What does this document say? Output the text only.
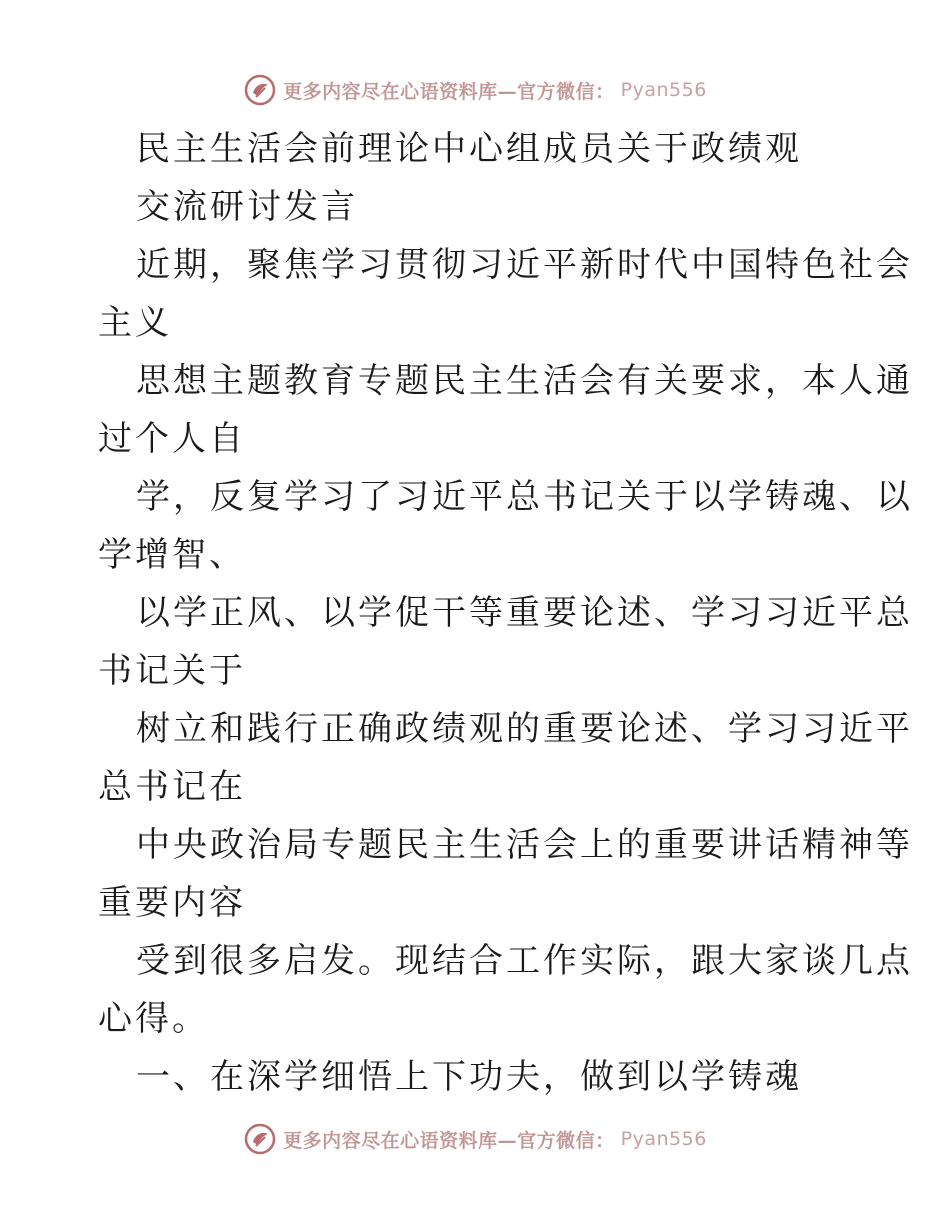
更多内容尽在心语资料库—官方微信： Pyan556
民主生活会前理论中心组成员关于政绩观
交流研讨发言
近期，聚焦学习贯彻习近平新时代中国特色社会
主义
思想主题教育专题民主生活会有关要求，本人通
过个人自
学，反复学习了习近平总书记关于以学铸魂、以
学增智、
以学正风、以学促干等重要论述、学习习近平总
书记关于
树立和践行正确政绩观的重要论述、学习习近平
总书记在
中央政治局专题民主生活会上的重要讲话精神等
重要内容
受到很多启发。现结合工作实际，跟大家谈几点
心得。
一、在深学细悟上下功夫，做到以学铸魂
更多内容尽在心语资料库—官方微信： Pyan556
